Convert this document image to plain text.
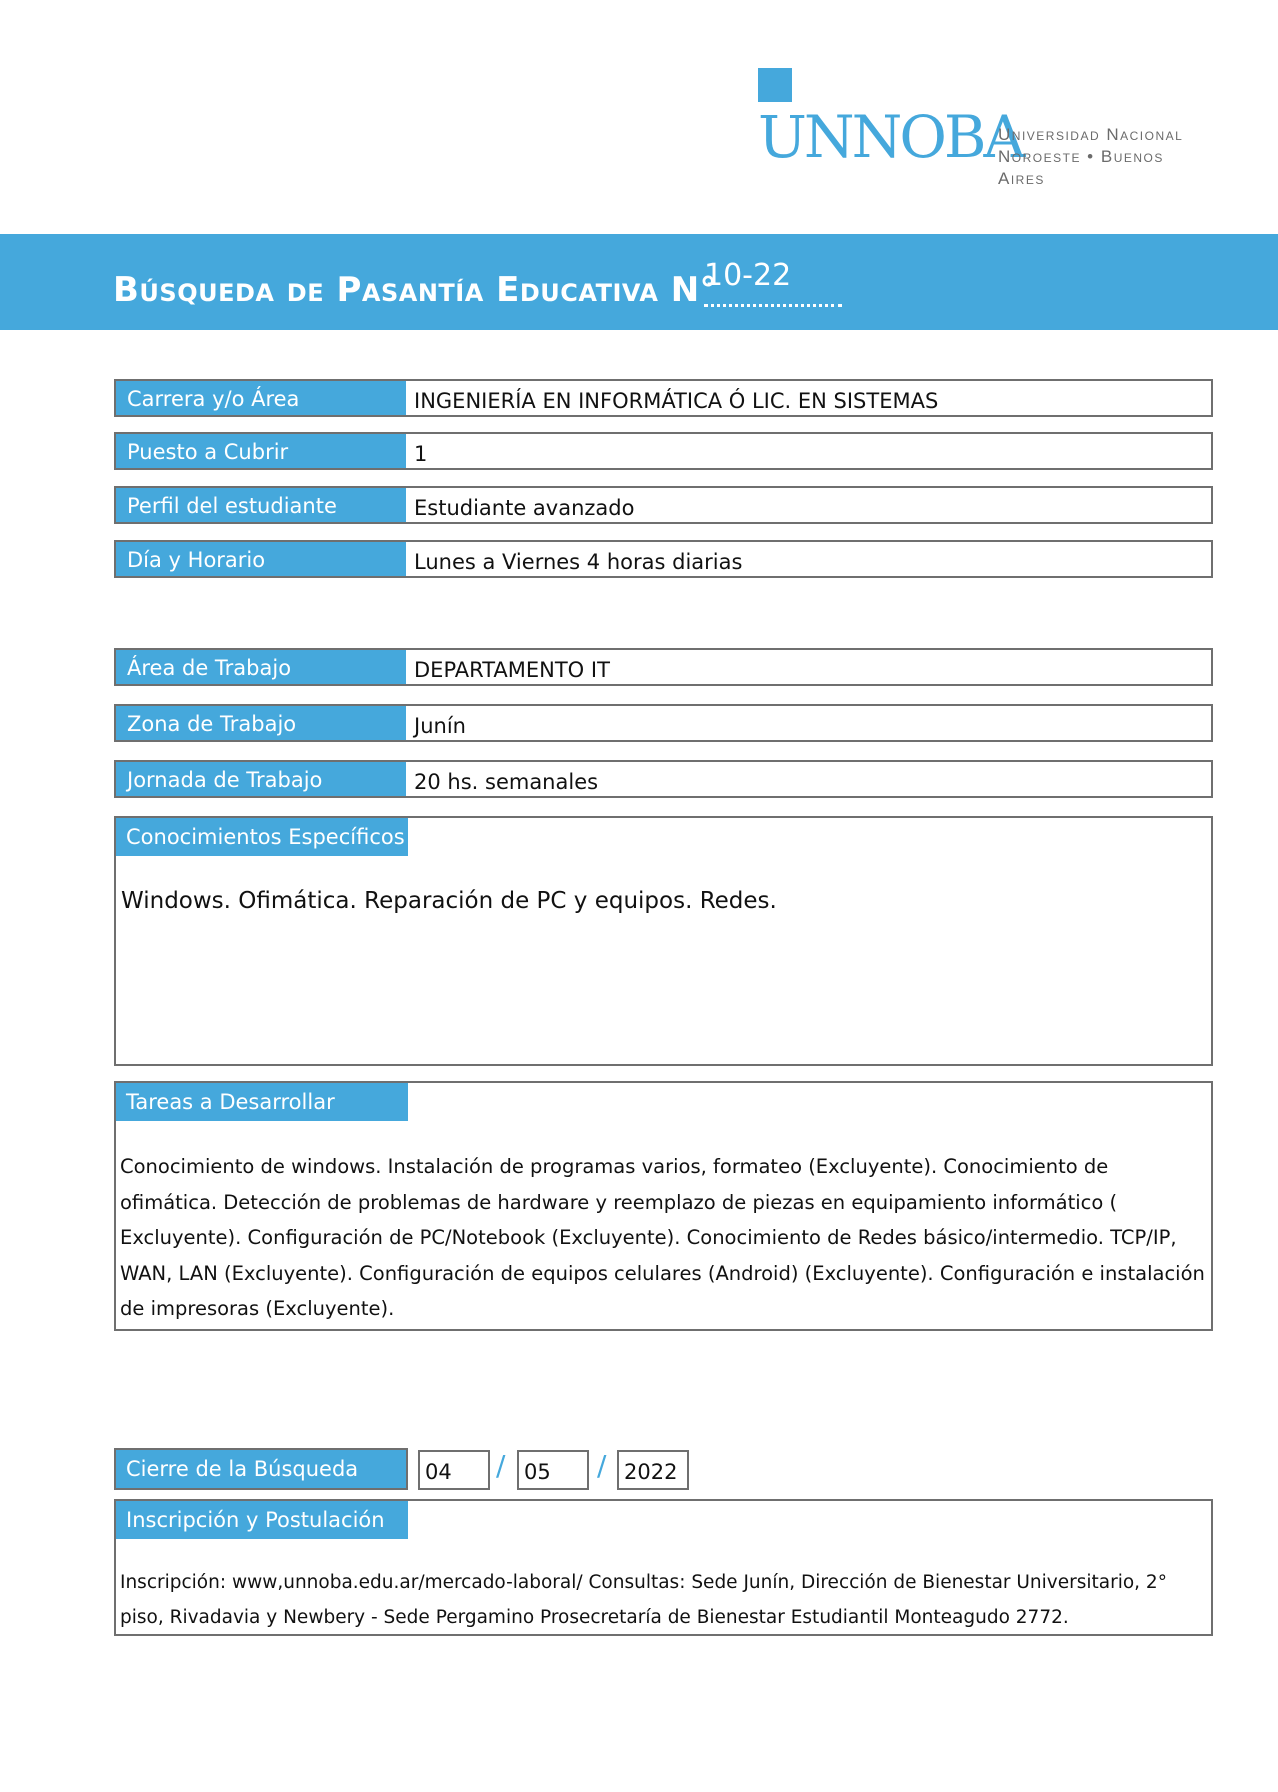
UNNOBA
Universidad Nacional
Noroeste • Buenos Aires
Búsqueda de Pasantía Educativa N°
10-22
Carrera y/o Área	INGENIERÍA EN INFORMÁTICA Ó LIC. EN SISTEMAS
Puesto a Cubrir	1
Perfil del estudiante	Estudiante avanzado
Día y Horario	Lunes a Viernes 4 horas diarias
Área de Trabajo	DEPARTAMENTO IT
Zona de Trabajo	Junín
Jornada de Trabajo	20 hs. semanales
Conocimientos Específicos
Windows. Ofimática. Reparación de PC y equipos. Redes.
Tareas a Desarrollar
Conocimiento de windows. Instalación de programas varios, formateo (Excluyente). Conocimiento de ofimática. Detección de problemas de hardware y reemplazo de piezas en equipamiento informático ( Excluyente). Configuración de PC/Notebook (Excluyente). Conocimiento de Redes básico/intermedio. TCP/IP, WAN, LAN (Excluyente). Configuración de equipos celulares (Android) (Excluyente). Configuración e instalación de impresoras (Excluyente).
Cierre de la Búsqueda	04	/ 05	/ 2022
Inscripción y Postulación
Inscripción: www,unnoba.edu.ar/mercado-laboral/ Consultas: Sede Junín, Dirección de Bienestar Universitario, 2° piso, Rivadavia y Newbery - Sede Pergamino Prosecretaría de Bienestar Estudiantil Monteagudo 2772.
